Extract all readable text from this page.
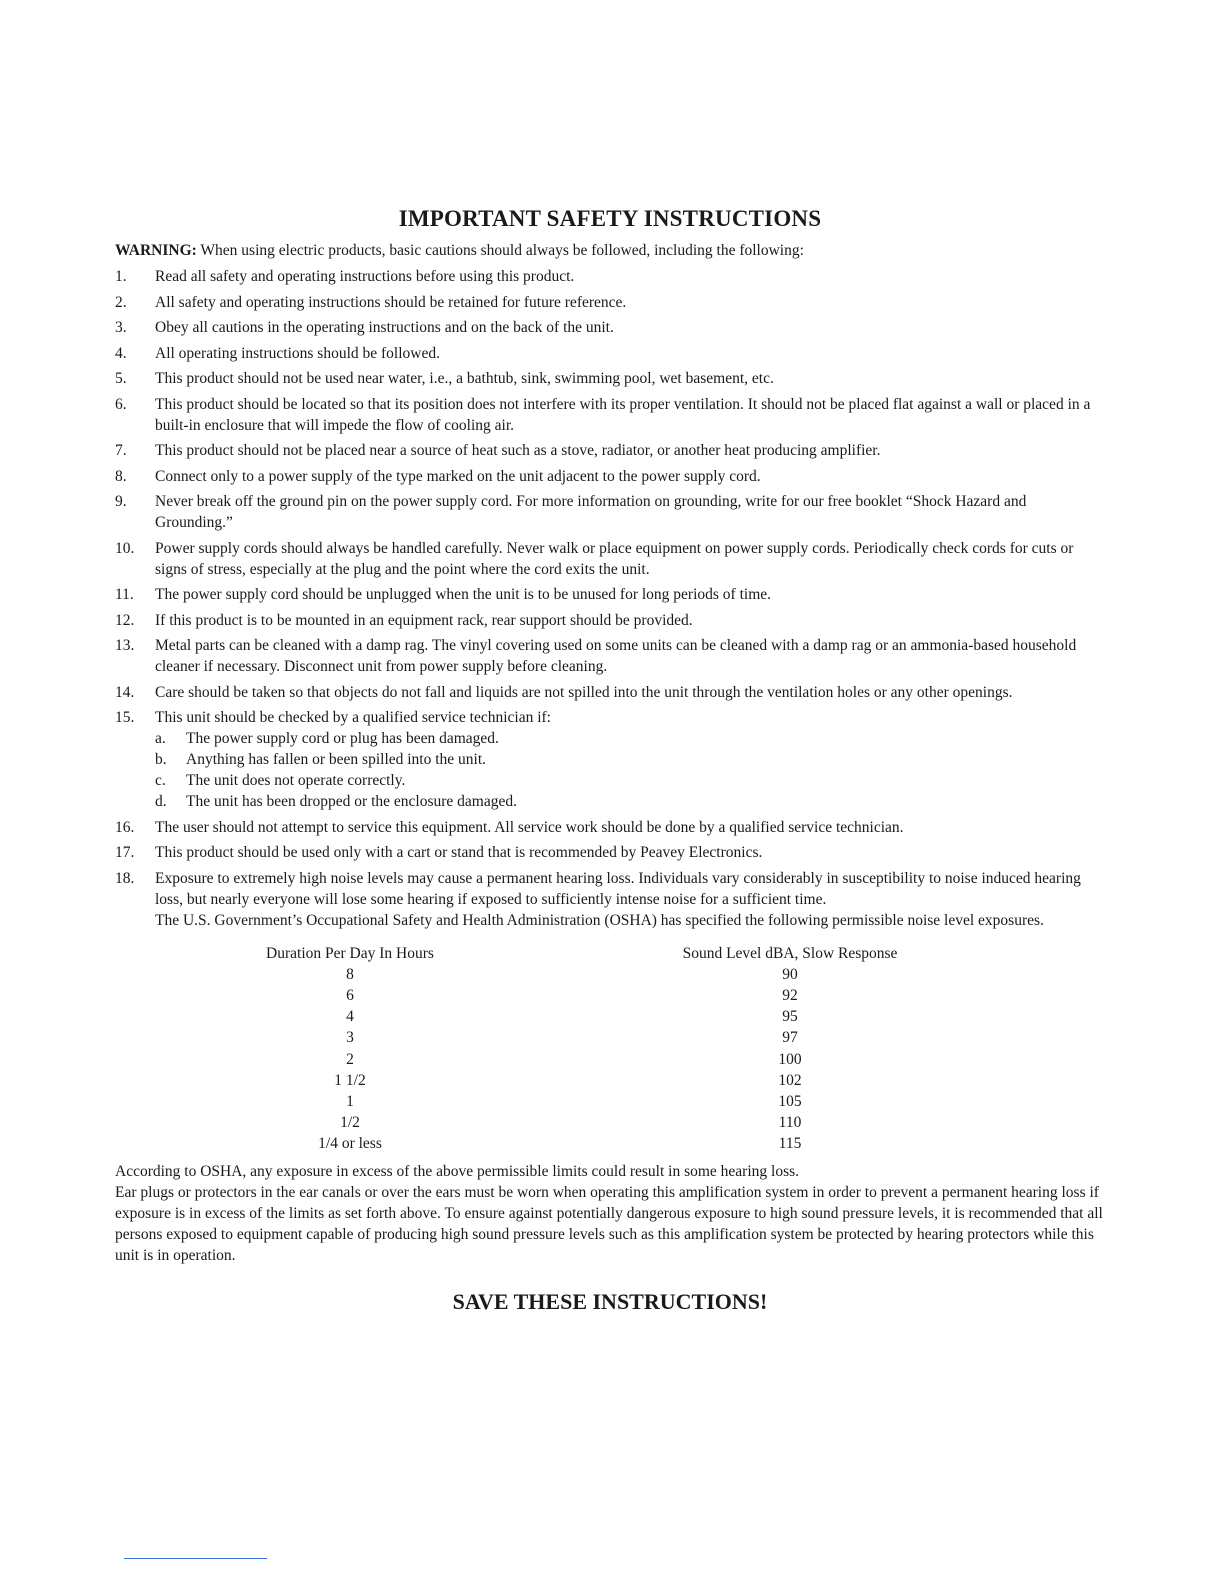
IMPORTANT SAFETY INSTRUCTIONS

WARNING: When using electric products, basic cautions should always be followed, including the following:

1. Read all safety and operating instructions before using this product.
2. All safety and operating instructions should be retained for future reference.
3. Obey all cautions in the operating instructions and on the back of the unit.
4. All operating instructions should be followed.
5. This product should not be used near water, i.e., a bathtub, sink, swimming pool, wet basement, etc.
6. This product should be located so that its position does not interfere with its proper ventilation. It should not be placed flat against a wall or placed in a built-in enclosure that will impede the flow of cooling air.
7. This product should not be placed near a source of heat such as a stove, radiator, or another heat producing amplifier.
8. Connect only to a power supply of the type marked on the unit adjacent to the power supply cord.
9. Never break off the ground pin on the power supply cord. For more information on grounding, write for our free booklet “Shock Hazard and Grounding.”
10. Power supply cords should always be handled carefully. Never walk or place equipment on power supply cords. Periodically check cords for cuts or signs of stress, especially at the plug and the point where the cord exits the unit.
11. The power supply cord should be unplugged when the unit is to be unused for long periods of time.
12. If this product is to be mounted in an equipment rack, rear support should be provided.
13. Metal parts can be cleaned with a damp rag. The vinyl covering used on some units can be cleaned with a damp rag or an ammonia-based household cleaner if necessary. Disconnect unit from power supply before cleaning.
14. Care should be taken so that objects do not fall and liquids are not spilled into the unit through the ventilation holes or any other openings.
15. This unit should be checked by a qualified service technician if:
a. The power supply cord or plug has been damaged.
b. Anything has fallen or been spilled into the unit.
c. The unit does not operate correctly.
d. The unit has been dropped or the enclosure damaged.
16. The user should not attempt to service this equipment. All service work should be done by a qualified service technician.
17. This product should be used only with a cart or stand that is recommended by Peavey Electronics.
18. Exposure to extremely high noise levels may cause a permanent hearing loss. Individuals vary considerably in susceptibility to noise induced hearing loss, but nearly everyone will lose some hearing if exposed to sufficiently intense noise for a sufficient time.
The U.S. Government’s Occupational Safety and Health Administration (OSHA) has specified the following permissible noise level exposures.
Duration Per Day In Hours
8
6
4
3
2
1 1/2
1
1/2
1/4 or less
Sound Level dBA, Slow Response
90
92
95
97
100
102
105
110
115

According to OSHA, any exposure in excess of the above permissible limits could result in some hearing loss.

Ear plugs or protectors in the ear canals or over the ears must be worn when operating this amplification system in order to prevent a permanent hearing loss if exposure is in excess of the limits as set forth above. To ensure against potentially dangerous exposure to high sound pressure levels, it is recommended that all persons exposed to equipment capable of producing high sound pressure levels such as this amplification system be protected by hearing protectors while this unit is in operation.

SAVE THESE INSTRUCTIONS!
